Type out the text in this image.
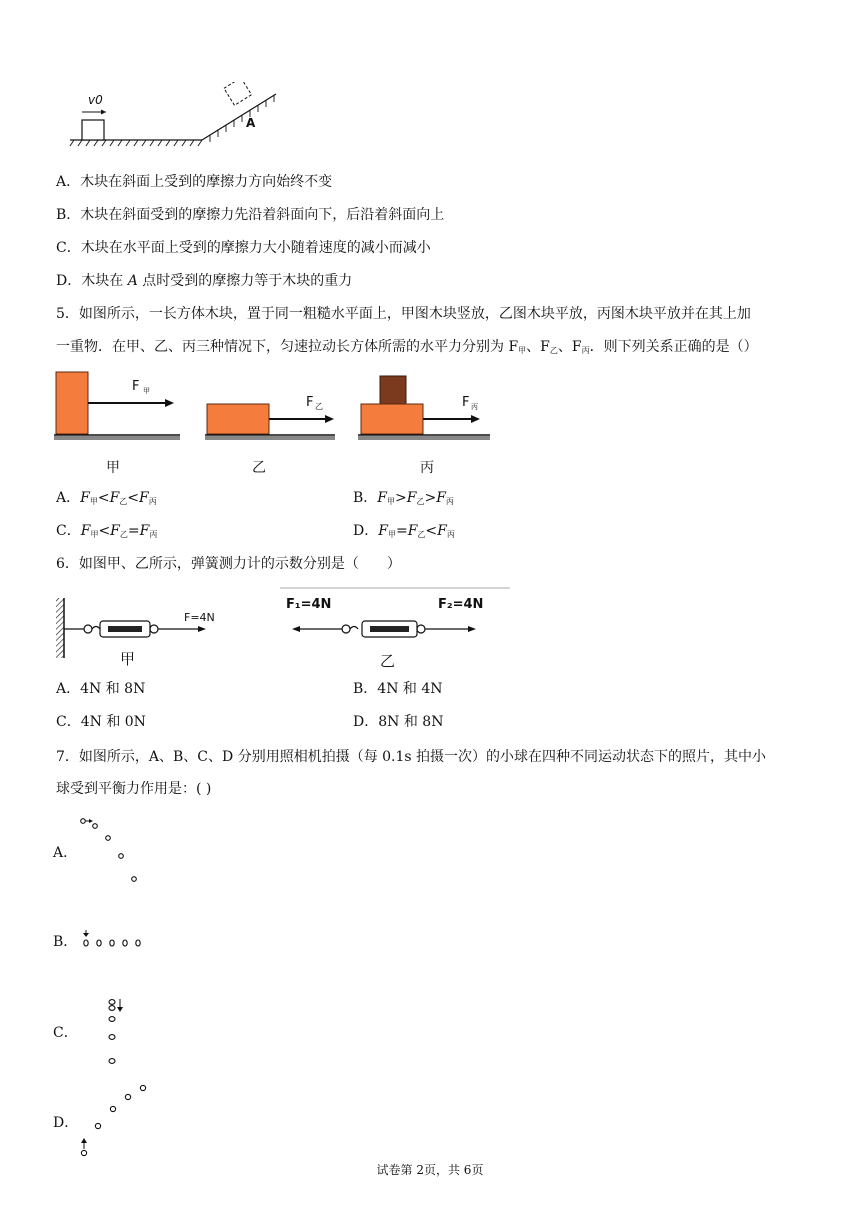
v0
A
A．木块在斜面上受到的摩擦力方向始终不变
B．木块在斜面受到的摩擦力先沿着斜面向下，后沿着斜面向上
C．木块在水平面上受到的摩擦力大小随着速度的减小而减小
D．木块在 A 点时受到的摩擦力等于木块的重力
5．如图所示，一长方体木块，置于同一粗糙水平面上，甲图木块竖放，乙图木块平放，丙图木块平放并在其上加
一重物．在甲、乙、丙三种情况下，匀速拉动长方体所需的水平力分别为 $F_甲$、$F_乙$、$F_丙$．则下列关系正确的是（）
F 甲
甲
F 乙
乙
F 丙
丙
A．$F_甲<F_乙<F_丙$	B．$F_甲>F_乙>F_丙$
C．$F_甲<F_乙=F_丙$	D．$F_甲=F_乙<F_丙$
6．如图甲、乙所示，弹簧测力计的示数分别是（　　）
F=4N
甲
F₁=4N	F₂=4N
乙
A．4N 和 8N	B．4N 和 4N
C．4N 和 0N	D．8N 和 8N
7．如图所示，A、B、C、D 分别用照相机拍摄（每 0.1s 拍摄一次）的小球在四种不同运动状态下的照片，其中小
球受到平衡力作用是：( )
A．
B．
C．
D．
试卷第 2页，共 6页
